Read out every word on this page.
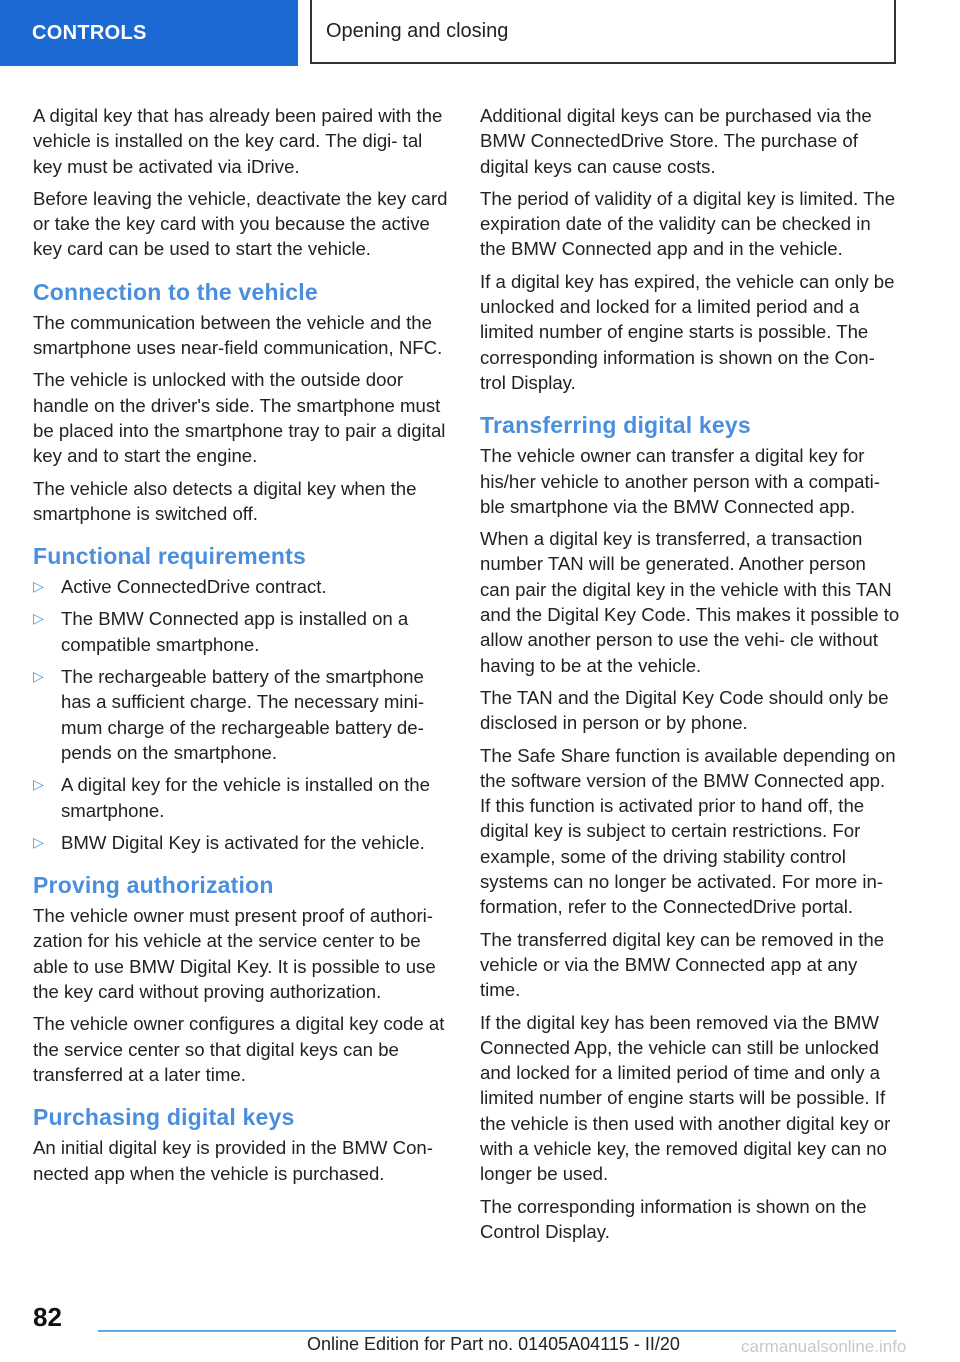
CONTROLS	Opening and closing

A digital key that has already been paired with the vehicle is installed on the key card. The digi- tal key must be activated via iDrive.

Before leaving the vehicle, deactivate the key card or take the key card with you because the active key card can be used to start the vehicle.

Connection to the vehicle

The communication between the vehicle and the smartphone uses near-field communication, NFC.

The vehicle is unlocked with the outside door handle on the driver's side. The smartphone must be placed into the smartphone tray to pair a digital key and to start the engine.

The vehicle also detects a digital key when the smartphone is switched off.

Functional requirements
▷ Active ConnectedDrive contract.
▷ The BMW Connected app is installed on a compatible smartphone.
▷ The rechargeable battery of the smartphone has a sufficient charge. The necessary mini- mum charge of the rechargeable battery de- pends on the smartphone.
▷ A digital key for the vehicle is installed on the smartphone.
▷ BMW Digital Key is activated for the vehicle.
Proving authorization

The vehicle owner must present proof of authori- zation for his vehicle at the service center to be able to use BMW Digital Key. It is possible to use the key card without proving authorization.

The vehicle owner configures a digital key code at the service center so that digital keys can be transferred at a later time.

Purchasing digital keys

An initial digital key is provided in the BMW Con- nected app when the vehicle is purchased.

Additional digital keys can be purchased via the BMW ConnectedDrive Store. The purchase of digital keys can cause costs.

The period of validity of a digital key is limited. The expiration date of the validity can be checked in the BMW Connected app and in the vehicle.

If a digital key has expired, the vehicle can only be unlocked and locked for a limited period and a limited number of engine starts is possible. The corresponding information is shown on the Con- trol Display.

Transferring digital keys

The vehicle owner can transfer a digital key for his/her vehicle to another person with a compati- ble smartphone via the BMW Connected app.

When a digital key is transferred, a transaction number TAN will be generated. Another person can pair the digital key in the vehicle with this TAN and the Digital Key Code. This makes it possible to allow another person to use the vehi- cle without having to be at the vehicle.

The TAN and the Digital Key Code should only be disclosed in person or by phone.

The Safe Share function is available depending on the software version of the BMW Connected app. If this function is activated prior to hand off, the digital key is subject to certain restrictions. For example, some of the driving stability control systems can no longer be activated. For more in- formation, refer to the ConnectedDrive portal.

The transferred digital key can be removed in the vehicle or via the BMW Connected app at any time.

If the digital key has been removed via the BMW Connected App, the vehicle can still be unlocked and locked for a limited period of time and only a limited number of engine starts will be possible. If the vehicle is then used with another digital key or with a vehicle key, the removed digital key can no longer be used.

The corresponding information is shown on the Control Display.

82
Online Edition for Part no. 01405A04115 - II/20	carmanualsonline.info
